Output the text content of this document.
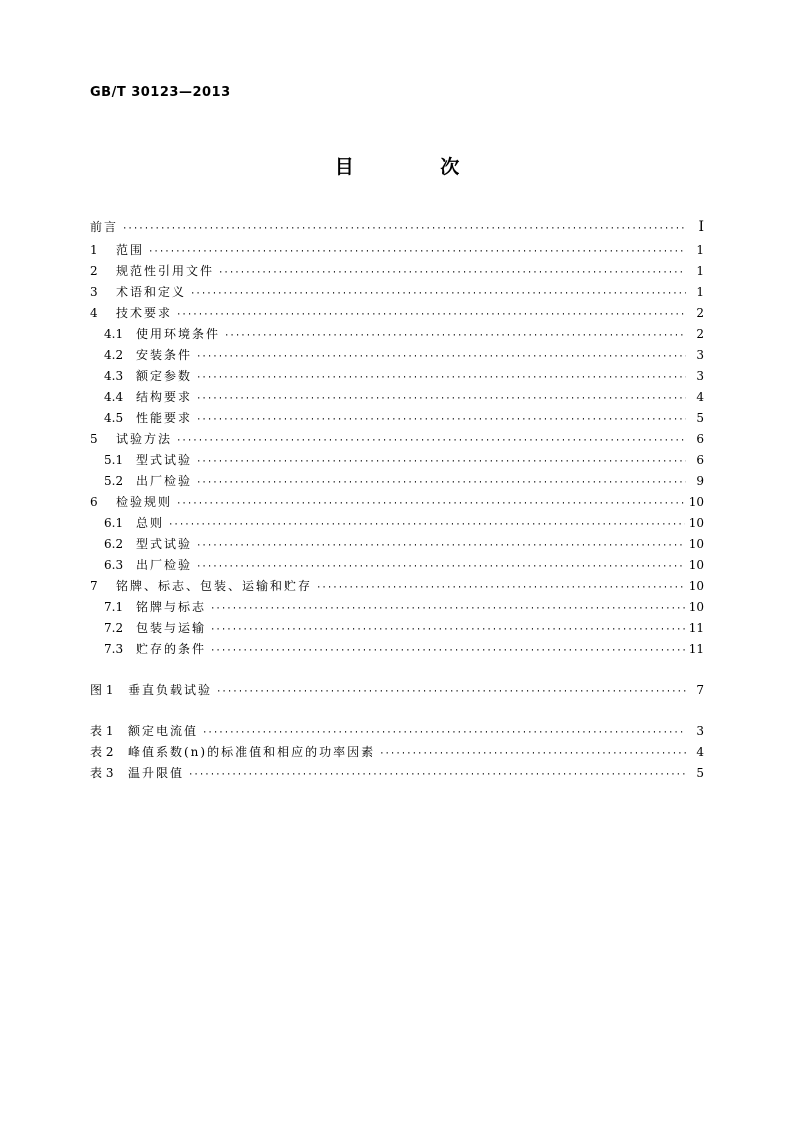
GB/T 30123—2013
目 次
前言 ·····	Ⅰ
1	范围 ·····	1
2	规范性引用文件 ·····	1
3	术语和定义 ·····	1
4	技术要求 ·····	2
4.1	使用环境条件 ·····	2
4.2	安装条件 ·····	3
4.3	额定参数 ·····	3
4.4	结构要求 ·····	4
4.5	性能要求 ·····	5
5	试验方法 ·····	6
5.1	型式试验 ·····	6
5.2	出厂检验 ·····	9
6	检验规则 ·····	10
6.1	总则 ·····	10
6.2	型式试验 ·····	10
6.3	出厂检验 ·····	10
7	铭牌、标志、包装、运输和贮存 ·····	10
7.1	铭牌与标志 ·····	10
7.2	包装与运输 ·····	11
7.3	贮存的条件 ·····	11
图 1	垂直负载试验 ·····	7
表 1	额定电流值 ·····	3
表 2	峰值系数(n)的标准值和相应的功率因素 ·····	4
表 3	温升限值 ·····	5
